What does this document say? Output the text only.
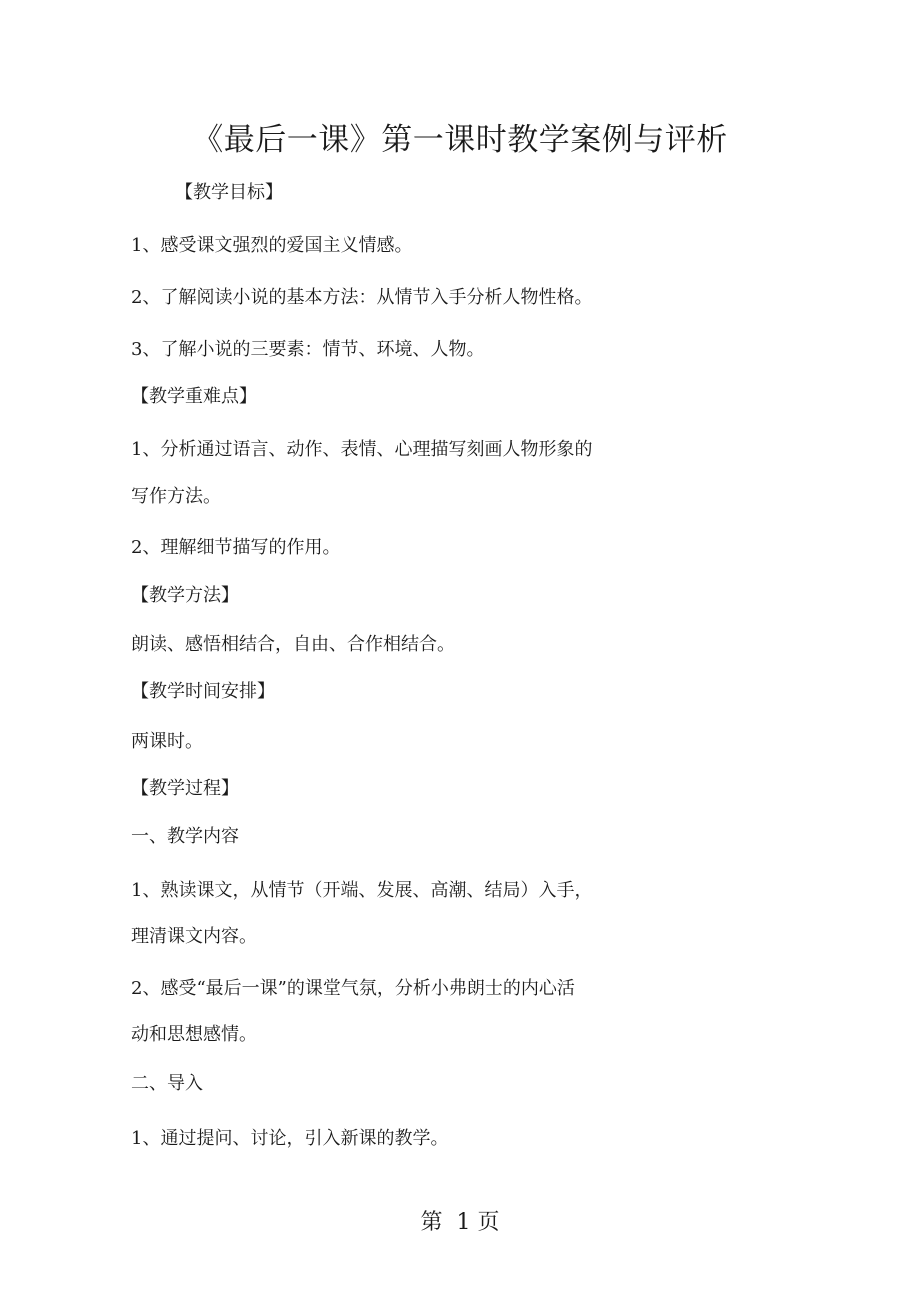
《最后一课》第一课时教学案例与评析
【教学目标】
1、感受课文强烈的爱国主义情感。
2、了解阅读小说的基本方法：从情节入手分析人物性格。
3、了解小说的三要素：情节、环境、人物。
【教学重难点】
1、分析通过语言、动作、表情、心理描写刻画人物形象的
写作方法。
2、理解细节描写的作用。
【教学方法】
朗读、感悟相结合，自由、合作相结合。
【教学时间安排】
两课时。
【教学过程】
一、教学内容
1、熟读课文，从情节（开端、发展、高潮、结局）入手，
理清课文内容。
2、感受“最后一课”的课堂气氛，分析小弗朗士的内心活
动和思想感情。
二、导入
1、通过提问、讨论，引入新课的教学。
第  1 页
